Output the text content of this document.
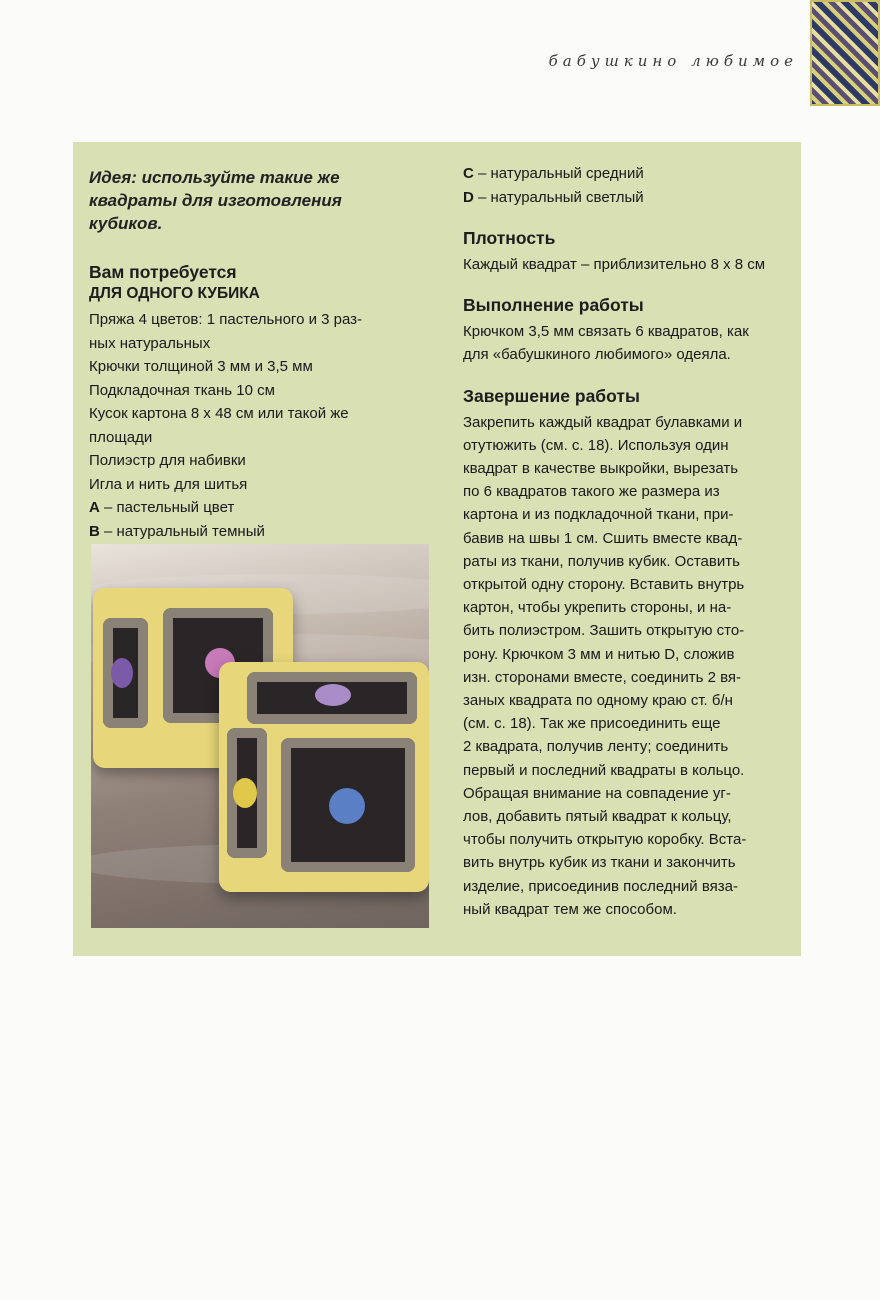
бабушкино любимое

Идея: используйте такие же квадраты для изготовления кубиков.

Вам потребуется

ДЛЯ ОДНОГО КУБИКА

Пряжа 4 цветов: 1 пастельного и 3 раз-

ных натуральных

Крючки толщиной 3 мм и 3,5 мм

Подкладочная ткань 10 см

Кусок картона 8 х 48 см или такой же

площади

Полиэстр для набивки

Игла и нить для шитья

A – пастельный цвет

B – натуральный темный

C – натуральный средний

D – натуральный светлый

Плотность

Каждый квадрат – приблизительно 8 х 8 см

Выполнение работы

Крючком 3,5 мм связать 6 квадратов, как

для «бабушкиного любимого» одеяла.

Завершение работы

Закрепить каждый квадрат булавками и

отутюжить (см. с. 18). Используя один

квадрат в качестве выкройки, вырезать

по 6 квадратов такого же размера из

картона и из подкладочной ткани, при-

бавив на швы 1 см. Сшить вместе квад-

раты из ткани, получив кубик. Оставить

открытой одну сторону. Вставить внутрь

картон, чтобы укрепить стороны, и на-

бить полиэстром. Зашить открытую сто-

рону. Крючком 3 мм и нитью D, сложив

изн. сторонами вместе, соединить 2 вя-

заных квадрата по одному краю ст. б/н

(см. с. 18). Так же присоединить еще

2 квадрата, получив ленту; соединить

первый и последний квадраты в кольцо.

Обращая внимание на совпадение уг-

лов, добавить пятый квадрат к кольцу,

чтобы получить открытую коробку. Вста-

вить внутрь кубик из ткани и закончить

изделие, присоединив последний вяза-

ный квадрат тем же способом.
